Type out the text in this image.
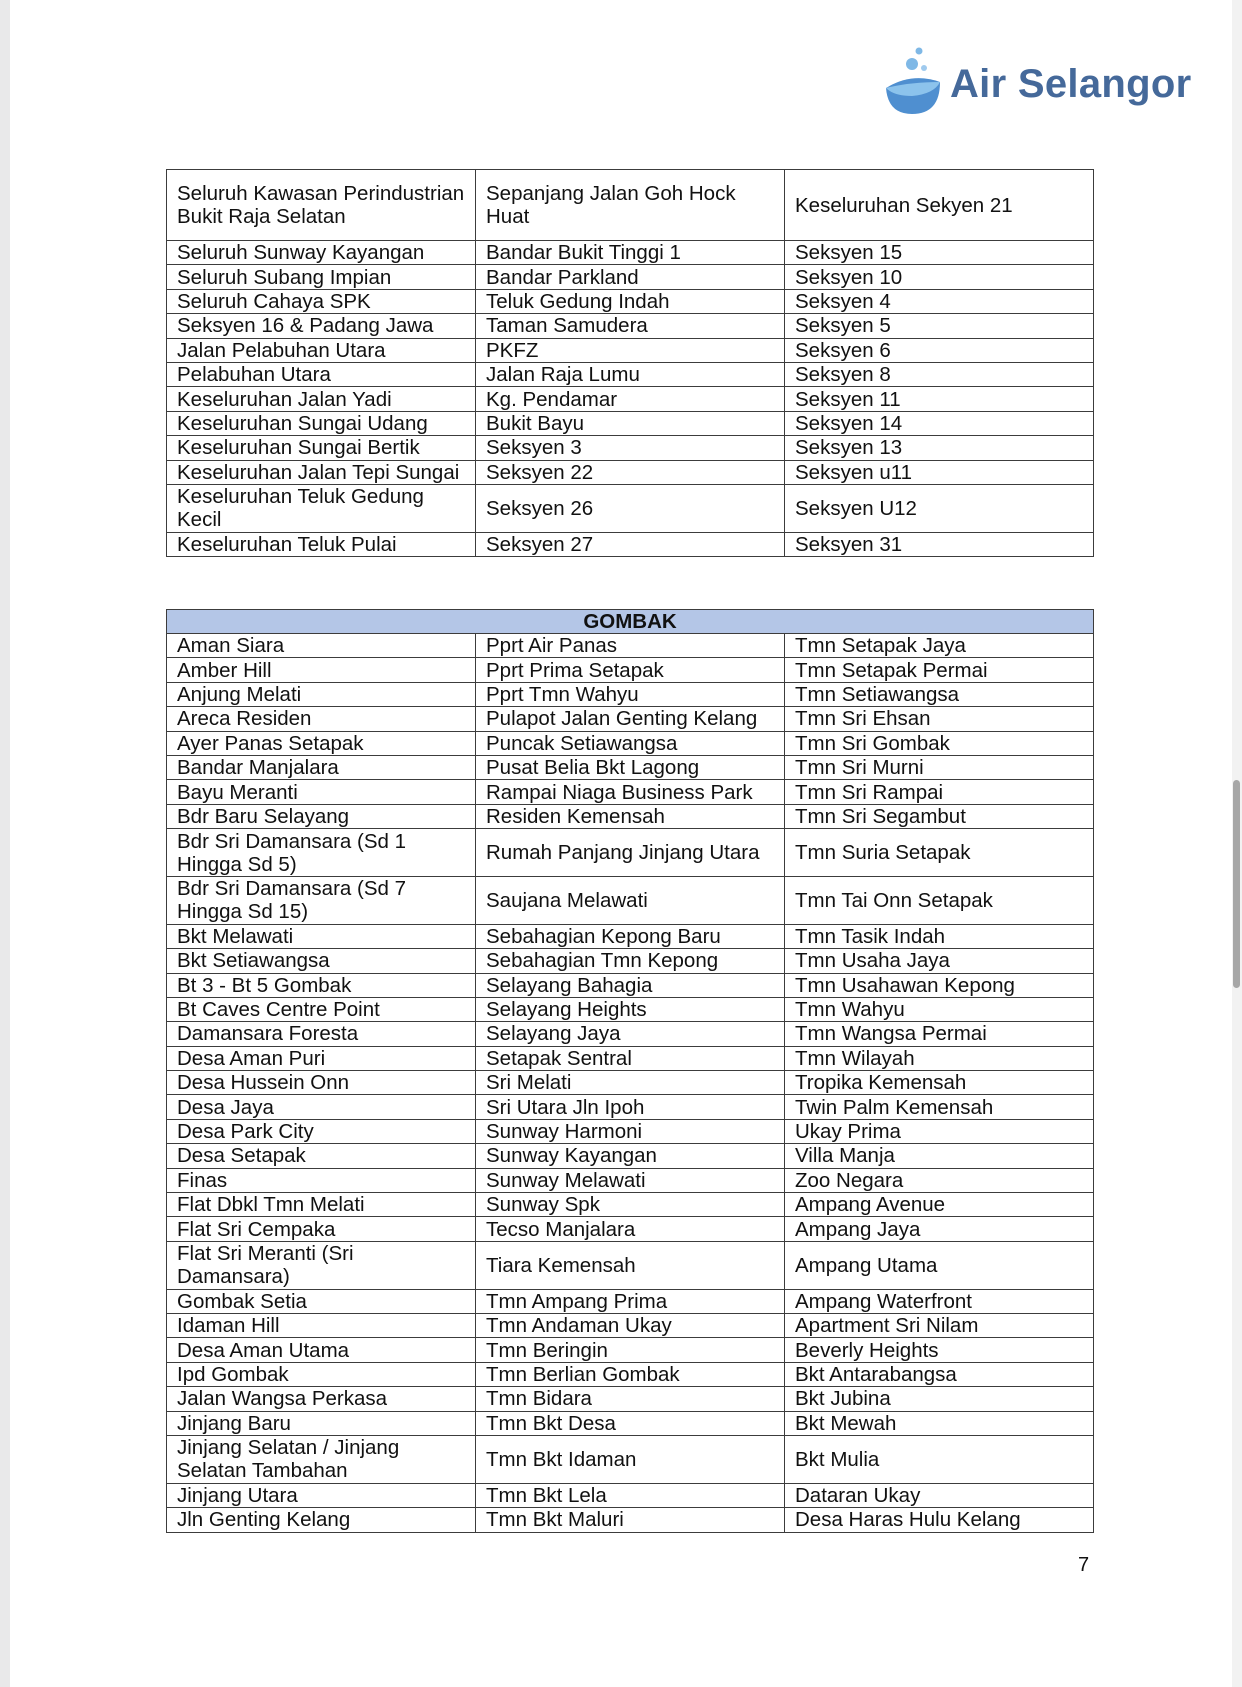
Air Selangor
Seluruh Kawasan Perindustrian Bukit Raja Selatan	Sepanjang Jalan Goh Hock Huat	Keseluruhan Sekyen 21
Seluruh Sunway Kayangan	Bandar Bukit Tinggi 1	Seksyen 15
Seluruh Subang Impian	Bandar Parkland	Seksyen 10
Seluruh Cahaya SPK	Teluk Gedung Indah	Seksyen 4
Seksyen 16 & Padang Jawa	Taman Samudera	Seksyen 5
Jalan Pelabuhan Utara	PKFZ	Seksyen 6
Pelabuhan Utara	Jalan Raja Lumu	Seksyen 8
Keseluruhan Jalan Yadi	Kg. Pendamar	Seksyen 11
Keseluruhan Sungai Udang	Bukit Bayu	Seksyen 14
Keseluruhan Sungai Bertik	Seksyen 3	Seksyen 13
Keseluruhan Jalan Tepi Sungai	Seksyen 22	Seksyen u11
Keseluruhan Teluk Gedung Kecil	Seksyen 26	Seksyen U12
Keseluruhan Teluk Pulai	Seksyen 27	Seksyen 31
GOMBAK		
Aman Siara	Pprt Air Panas	Tmn Setapak Jaya
Amber Hill	Pprt Prima Setapak	Tmn Setapak Permai
Anjung Melati	Pprt Tmn Wahyu	Tmn Setiawangsa
Areca Residen	Pulapot Jalan Genting Kelang	Tmn Sri Ehsan
Ayer Panas Setapak	Puncak Setiawangsa	Tmn Sri Gombak
Bandar Manjalara	Pusat Belia Bkt Lagong	Tmn Sri Murni
Bayu Meranti	Rampai Niaga Business Park	Tmn Sri Rampai
Bdr Baru Selayang	Residen Kemensah	Tmn Sri Segambut
Bdr Sri Damansara (Sd 1 Hingga Sd 5)	Rumah Panjang Jinjang Utara	Tmn Suria Setapak
Bdr Sri Damansara (Sd 7 Hingga Sd 15)	Saujana Melawati	Tmn Tai Onn Setapak
Bkt Melawati	Sebahagian Kepong Baru	Tmn Tasik Indah
Bkt Setiawangsa	Sebahagian Tmn Kepong	Tmn Usaha Jaya
Bt 3 - Bt 5 Gombak	Selayang Bahagia	Tmn Usahawan Kepong
Bt Caves Centre Point	Selayang Heights	Tmn Wahyu
Damansara Foresta	Selayang Jaya	Tmn Wangsa Permai
Desa Aman Puri	Setapak Sentral	Tmn Wilayah
Desa Hussein Onn	Sri Melati	Tropika Kemensah
Desa Jaya	Sri Utara Jln Ipoh	Twin Palm Kemensah
Desa Park City	Sunway Harmoni	Ukay Prima
Desa Setapak	Sunway Kayangan	Villa Manja
Finas	Sunway Melawati	Zoo Negara
Flat Dbkl Tmn Melati	Sunway Spk	Ampang Avenue
Flat Sri Cempaka	Tecso Manjalara	Ampang Jaya
Flat Sri Meranti (Sri Damansara)	Tiara Kemensah	Ampang Utama
Gombak Setia	Tmn Ampang Prima	Ampang Waterfront
Idaman Hill	Tmn Andaman Ukay	Apartment Sri Nilam
Desa Aman Utama	Tmn Beringin	Beverly Heights
Ipd Gombak	Tmn Berlian Gombak	Bkt Antarabangsa
Jalan Wangsa Perkasa	Tmn Bidara	Bkt Jubina
Jinjang Baru	Tmn Bkt Desa	Bkt Mewah
Jinjang Selatan / Jinjang Selatan Tambahan	Tmn Bkt Idaman	Bkt Mulia
Jinjang Utara	Tmn Bkt Lela	Dataran Ukay
Jln Genting Kelang	Tmn Bkt Maluri	Desa Haras Hulu Kelang
7
